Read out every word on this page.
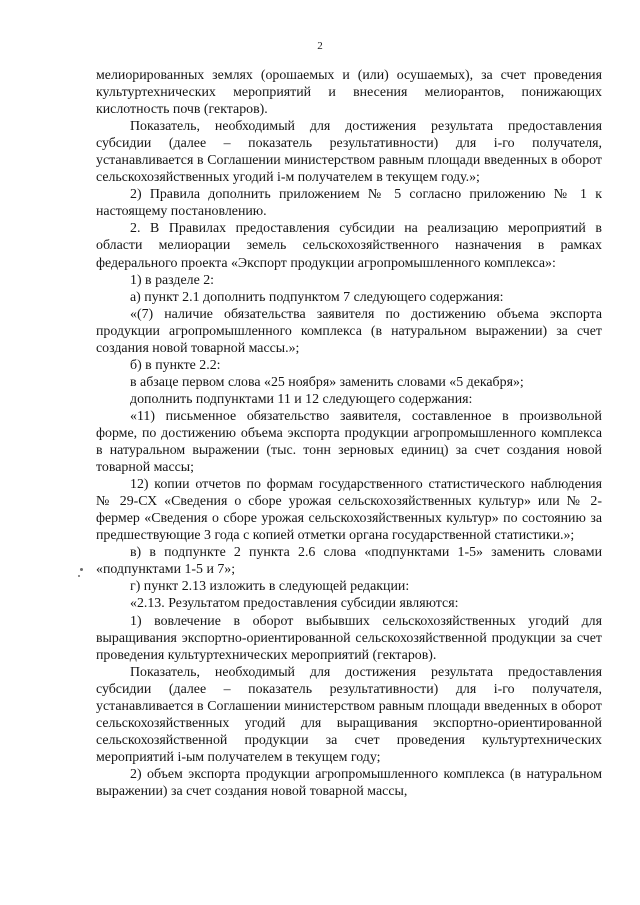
2

мелиорированных землях (орошаемых и (или) осушаемых), за счет проведения культуртехнических мероприятий и внесения мелиорантов, понижающих кислотность почв (гектаров).

Показатель, необходимый для достижения результата предоставления субсидии (далее – показатель результативности) для i-го получателя, устанавливается в Соглашении министерством равным площади введенных в оборот сельскохозяйственных угодий i-м получателем в текущем году.»;

2) Правила дополнить приложением № 5 согласно приложению № 1 к настоящему постановлению.

2. В Правилах предоставления субсидии на реализацию мероприятий в области мелиорации земель сельскохозяйственного назначения в рамках федерального проекта «Экспорт продукции агропромышленного комплекса»:

1) в разделе 2:

а) пункт 2.1 дополнить подпунктом 7 следующего содержания:

«(7) наличие обязательства заявителя по достижению объема экспорта продукции агропромышленного комплекса (в натуральном выражении) за счет создания новой товарной массы.»;

б) в пункте 2.2:

в абзаце первом слова «25 ноября» заменить словами «5 декабря»;

дополнить подпунктами 11 и 12 следующего содержания:

«11) письменное обязательство заявителя, составленное в произвольной форме, по достижению объема экспорта продукции агропромышленного комплекса в натуральном выражении (тыс. тонн зерновых единиц) за счет создания новой товарной массы;

12) копии отчетов по формам государственного статистического наблюдения № 29-СХ «Сведения о сборе урожая сельскохозяйственных культур» или № 2-фермер «Сведения о сборе урожая сельскохозяйственных культур» по состоянию за предшествующие 3 года с копией отметки органа государственной статистики.»;

в) в подпункте 2 пункта 2.6 слова «подпунктами 1-5» заменить словами «подпунктами 1-5 и 7»;

г) пункт 2.13 изложить в следующей редакции:

«2.13. Результатом предоставления субсидии являются:

1) вовлечение в оборот выбывших сельскохозяйственных угодий для выращивания экспортно-ориентированной сельскохозяйственной продукции за счет проведения культуртехнических мероприятий (гектаров).

Показатель, необходимый для достижения результата предоставления субсидии (далее – показатель результативности) для i-го получателя, устанавливается в Соглашении министерством равным площади введенных в оборот сельскохозяйственных угодий для выращивания экспортно-ориентированной сельскохозяйственной продукции за счет проведения культуртехнических мероприятий i-ым получателем в текущем году;

2) объем экспорта продукции агропромышленного комплекса (в натуральном выражении) за счет создания новой товарной массы,
